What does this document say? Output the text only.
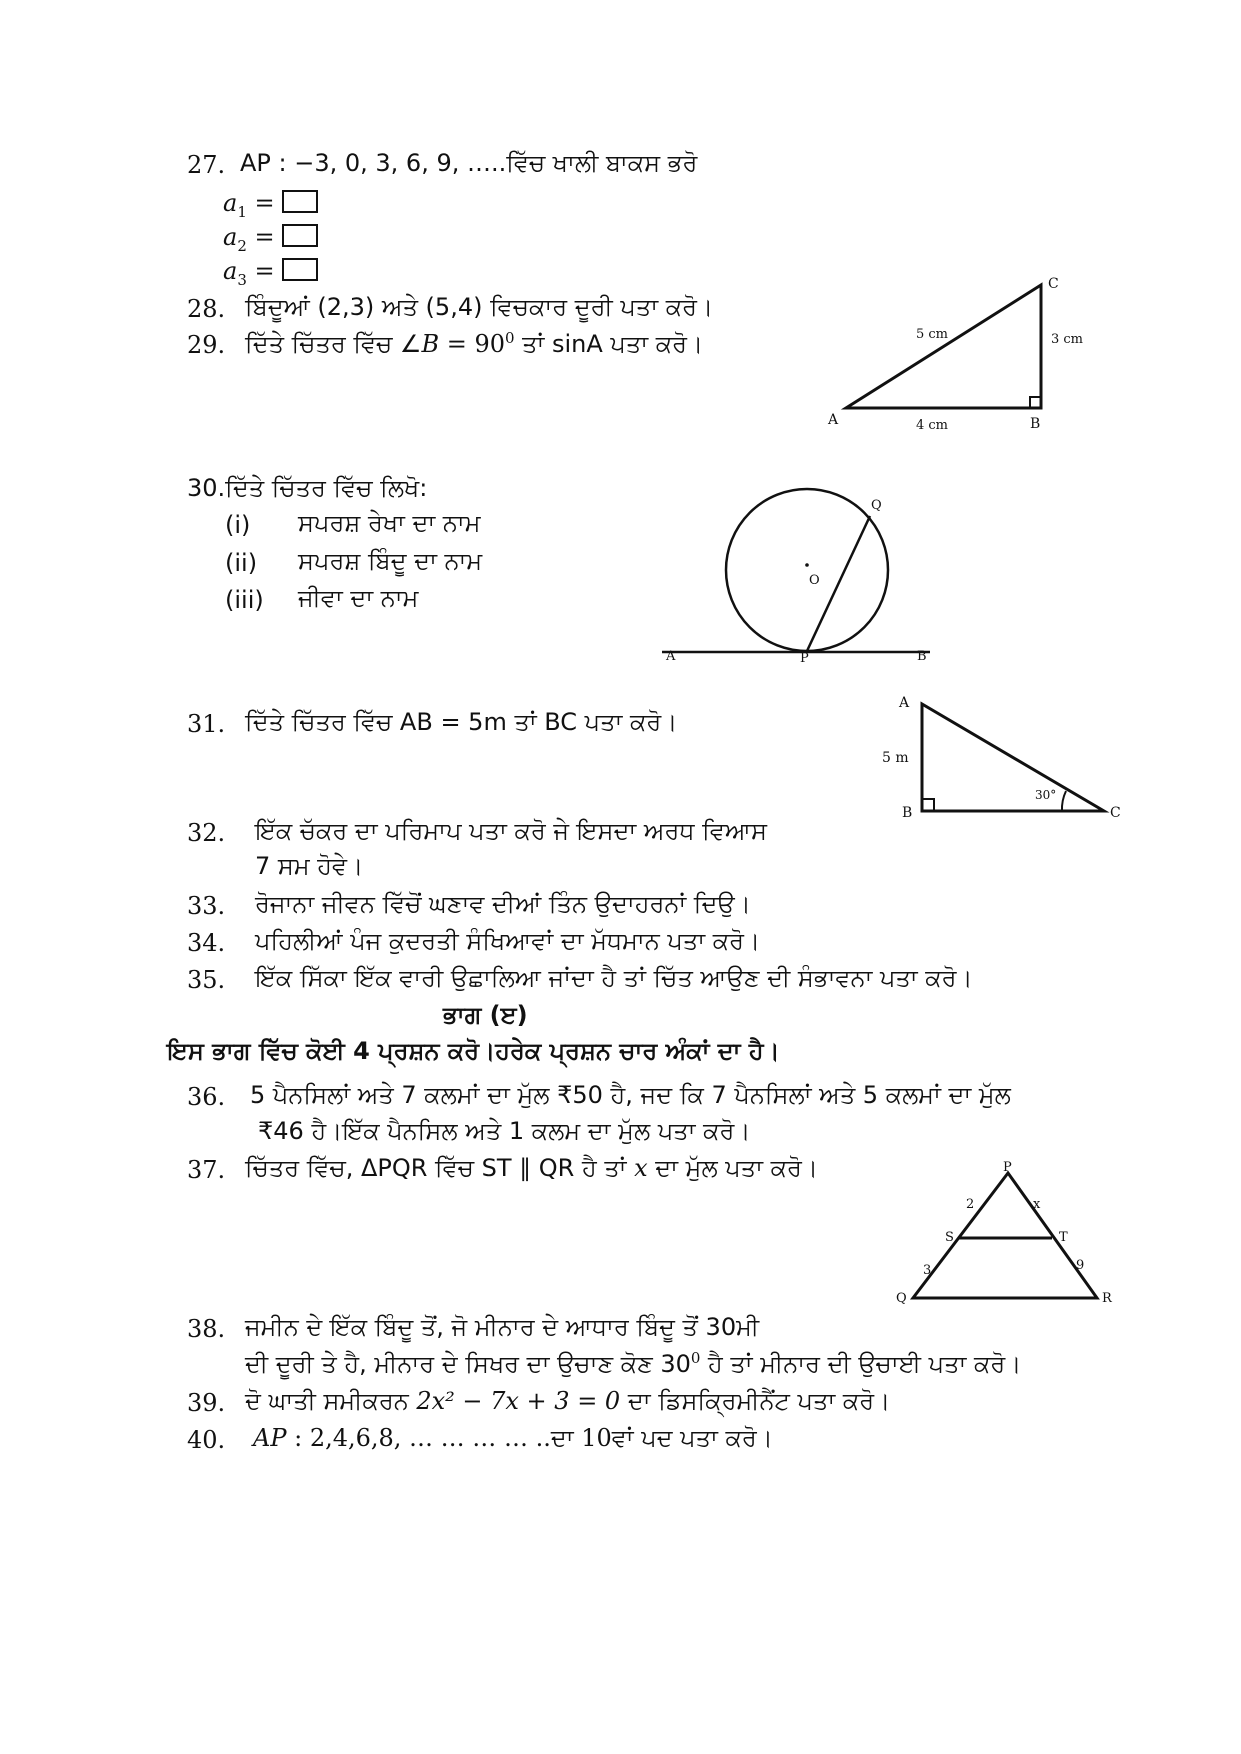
27. AP : −3, 0, 3, 6, 9, …..ਵਿੱਚ ਖਾਲੀ ਬਾਕਸ ਭਰੋ
$a_1$ =
$a_2$ =
$a_3$ =
28. ਬਿੰਦੂਆਂ (2,3) ਅਤੇ (5,4) ਵਿਚਕਾਰ ਦੂਰੀ ਪਤਾ ਕਰੋ।
29. ਦਿੱਤੇ ਚਿੱਤਰ ਵਿੱਚ ∠B = $90^0$ ਤਾਂ sinA ਪਤਾ ਕਰੋ।
30.ਦਿੱਤੇ ਚਿੱਤਰ ਵਿੱਚ ਲਿਖੋ:
(i) ਸਪਰਸ਼ ਰੇਖਾ ਦਾ ਨਾਮ
(ii) ਸਪਰਸ਼ ਬਿੰਦੂ ਦਾ ਨਾਮ
(iii) ਜੀਵਾ ਦਾ ਨਾਮ
31. ਦਿੱਤੇ ਚਿੱਤਰ ਵਿੱਚ AB = 5m ਤਾਂ BC ਪਤਾ ਕਰੋ।
32. ਇੱਕ ਚੱਕਰ ਦਾ ਪਰਿਮਾਪ ਪਤਾ ਕਰੋ ਜੇ ਇਸਦਾ ਅਰਧ ਵਿਆਸ
7 ਸਮ ਹੋਵੇ।
33. ਰੋਜਾਨਾ ਜੀਵਨ ਵਿੱਚੋਂ ਘਣਾਵ ਦੀਆਂ ਤਿੰਨ ਉਦਾਹਰਨਾਂ ਦਿਉ।
34. ਪਹਿਲੀਆਂ ਪੰਜ ਕੁਦਰਤੀ ਸੰਖਿਆਵਾਂ ਦਾ ਮੱਧਮਾਨ ਪਤਾ ਕਰੋ।
35. ਇੱਕ ਸਿੱਕਾ ਇੱਕ ਵਾਰੀ ਉਛਾਲਿਆ ਜਾਂਦਾ ਹੈ ਤਾਂ ਚਿੱਤ ਆਉਣ ਦੀ ਸੰਭਾਵਨਾ ਪਤਾ ਕਰੋ।
ਭਾਗ (ੲ)
ਇਸ ਭਾਗ ਵਿੱਚ ਕੋਈ 4 ਪ੍ਰਸ਼ਨ ਕਰੋ।ਹਰੇਕ ਪ੍ਰਸ਼ਨ ਚਾਰ ਅੰਕਾਂ ਦਾ ਹੈ।
36. 5 ਪੈਨਸਿਲਾਂ ਅਤੇ 7 ਕਲਮਾਂ ਦਾ ਮੁੱਲ ₹50 ਹੈ, ਜਦ ਕਿ 7 ਪੈਨਸਿਲਾਂ ਅਤੇ 5 ਕਲਮਾਂ ਦਾ ਮੁੱਲ
₹46 ਹੈ।ਇੱਕ ਪੈਨਸਿਲ ਅਤੇ 1 ਕਲਮ ਦਾ ਮੁੱਲ ਪਤਾ ਕਰੋ।
37. ਚਿੱਤਰ ਵਿੱਚ, ΔPQR ਵਿੱਚ ST ∥ QR ਹੈ ਤਾਂ x ਦਾ ਮੁੱਲ ਪਤਾ ਕਰੋ।
38. ਜਮੀਨ ਦੇ ਇੱਕ ਬਿੰਦੂ ਤੋਂ, ਜੋ ਮੀਨਾਰ ਦੇ ਆਧਾਰ ਬਿੰਦੂ ਤੋਂ 30ਮੀ
ਦੀ ਦੂਰੀ ਤੇ ਹੈ, ਮੀਨਾਰ ਦੇ ਸਿਖਰ ਦਾ ਉਚਾਣ ਕੋਣ $30^0$ ਹੈ ਤਾਂ ਮੀਨਾਰ ਦੀ ਉਚਾਈ ਪਤਾ ਕਰੋ।
39. ਦੋ ਘਾਤੀ ਸਮੀਕਰਨ 2x² − 7x + 3 = 0 ਦਾ ਡਿਸਕ੍ਰਿਮੀਨੈਂਟ ਪਤਾ ਕਰੋ।
40. AP : 2,4,6,8, … … … … ..ਦਾ 10ਵਾਂ ਪਦ ਪਤਾ ਕਰੋ।
C
A	B
5 cm	3 cm
4 cm
Q
O
A	P	B
A
5 m
B	C
30°
P
Q	R
S	T
2	x
3	9
